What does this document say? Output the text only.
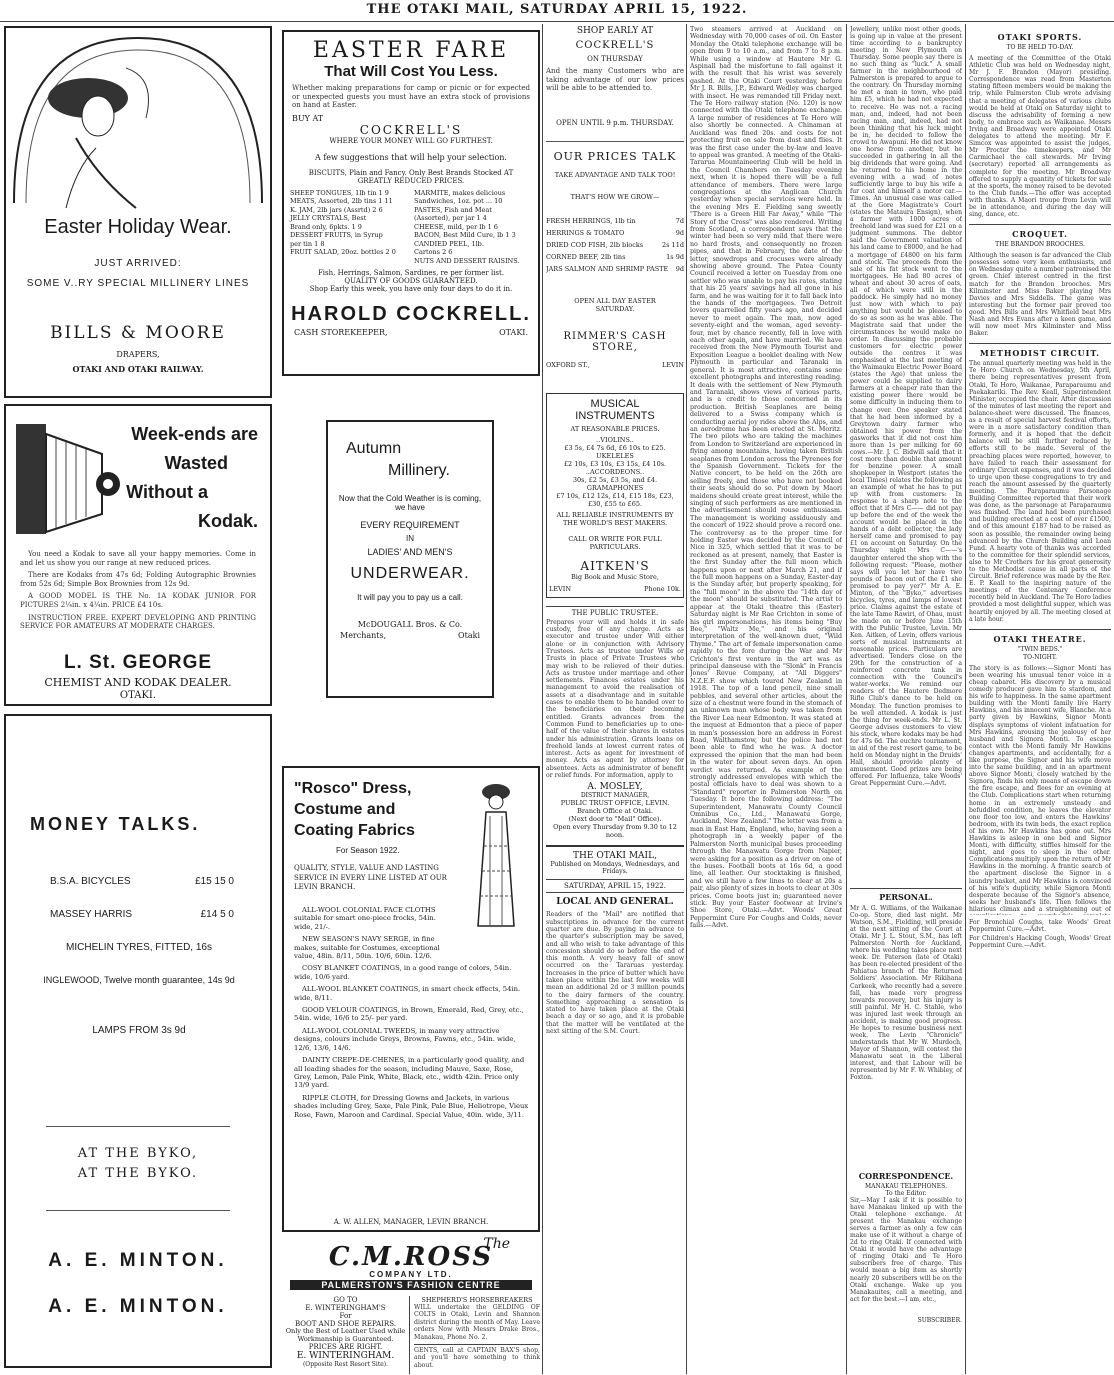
THE OTAKI MAIL, SATURDAY APRIL 15, 1922.
Easter Holiday Wear.
JUST ARRIVED:
SOME V..RY SPECIAL MILLINERY LINES
BILLS & MOORE
DRAPERS,
OTAKI AND OTAKI RAILWAY.
Week-ends are
Wasted
Without a
Kodak.

You need a Kodak to save all your happy memories. Come in and let us show you our range at new reduced prices.

There are Kodaks from 47s 6d; Folding Autographic Brownies from 52s 6d; Simple Box Brownies from 12s 9d.

A GOOD MODEL IS THE No. 1A KODAK JUNIOR FOR PICTURES 2¼in. x 4¼in. PRICE £4 10s.

INSTRUCTION FREE. EXPERT DEVELOPING AND PRINTING SERVICE FOR AMATEURS AT MODERATE CHARGES.

L. St. GEORGE
CHEMIST AND KODAK DEALER.
OTAKI.
MONEY TALKS.
B.S.A. BICYCLES	£15 15 0
MASSEY HARRIS	£14 5 0
MICHELIN TYRES, FITTED, 16s
INGLEWOOD, Twelve month guarantee, 14s 9d
LAMPS FROM 3s 9d
AT THE BYKO,
AT THE BYKO.
A. E. MINTON.
A. E. MINTON.
EASTER FARE
That Will Cost You Less.
Whether making preparations for camp or picnic or for expected or unexpected guests you must have an extra stock of provisions on hand at Easter.
BUY AT
COCKRELL'S
WHERE YOUR MONEY WILL GO FURTHEST.
A few suggestions that will help your selection.
BISCUITS, Plain and Fancy. Only Best Brands Stocked AT GREATLY REDUCED PRICES.
SHEEP TONGUES, 1lb tin 1 9
MEATS, Assorted, 2lb tins 1 11
K. JAM, 2lb jars (Assrtd) 2 6
JELLY CRYSTALS, Best
Brand only, 6pkts. 1 9
DESSERT FRUITS, in Syrup
per tin 1 8
FRUIT SALAD, 20oz. bottles 2 0
MARMITE, makes delicious
Sandwiches, 1oz. pot ... 10
PASTES, Fish and Meat
(Assorted), per jar 1 4
CHEESE, mild, per lb 1 6
BACON, Best Mild Cure, lb 1 3
CANDIED PEEL, 1lb.
Cartons 2 6
NUTS AND DESSERT RAISINS.
Fish, Herrings, Salmon, Sardines, re per former list.
QUALITY OF GOODS GUARANTEED.
Shop Early this week, you have only four days to do it in.
HAROLD COCKRELL.
CASH STOREKEEPER,	OTAKI.
Autumn
Millinery.
Now that the Cold Weather is is coming, we have
EVERY REQUIREMENT
IN
LADIES' AND MEN'S
UNDERWEAR.
It will pay you to pay us a call.
McDOUGALL Bros. & Co.
Merchants,	Otaki
"Rosco" Dress,
Costume and
Coating Fabrics
For Season 1922.
QUALITY, STYLE, VALUE AND LASTING SERVICE IN EVERY LINE LISTED AT OUR LEVIN BRANCH.
ALL-WOOL COLONIAL FACE CLOTHS suitable for smart one-piece frocks, 54in. wide, 21/-.
NEW SEASON'S NAVY SERGE, in fine makes, suitable for Costumes, exceptional value, 48in. 8/11, 50in. 10/6, 60in. 12/6.
COSY BLANKET COATINGS, in a good range of colors, 54in. wide, 10/6 yard.
ALL-WOOL BLANKET COATINGS, in smart check effects, 54in. wide, 8/11.
GOOD VELOUR COATINGS, in Brown, Emerald, Red, Grey, etc., 54in. wide, 16/6 to 25/- per yard.
ALL-WOOL COLONIAL TWEEDS, in many very attractive designs, colours include Greys, Browns, Fawns, etc., 54in. wide, 12/6, 13/6, 14/6.
DAINTY CREPE-DE-CHENES, in a particularly good quality, and all leading shades for the season, including Mauve, Saxe, Rose, Grey, Lemon, Pale Pink, White, Black, etc., width 42in. Price only 13/9 yard.
RIPPLE CLOTH, for Dressing Gowns and Jackets, in various shades including Grey, Saxe, Pale Pink, Pale Blue, Heliotrope, Vieux Rose, Fawn, Maroon and Cardinal. Special Value, 40in. wide, 3/11.
A. W. ALLEN, MANAGER, LEVIN BRANCH.
The
C.M.ROSS
COMPANY LTD.
PALMERSTON'S FASHION CENTRE
GO TO
E. WINTERINGHAM'S
For
BOOT AND SHOE REPAIRS.
Only the Best of Leather Used while Workmanship is Guaranteed.
PRICES ARE RIGHT.
E. WINTERINGHAM.
(Opposite Rest Resort Site).
SHEPHERD'S HORSEBREAKERS
WILL undertake the GELDING OF COLTS in Otaki, Levin and Shannon district during the month of May. Leave orders Now with Messrs Drake Bros., Manakau, Phone No. 2.
GENTS, call at CAPTAIN BAX'S shop, and you'll have something to think about.
SHOP EARLY AT
COCKRELL'S
ON THURSDAY
And the many Customers who are taking advantage of our low prices will be able to be attended to.
OPEN UNTIL 9 p.m. THURSDAY.
OUR PRICES TALK
TAKE ADVANTAGE AND TALK TOO!
THAT'S HOW WE GROW—
FRESH HERRINGS, 1lb tin	7d
HERRINGS & TOMATO	9d
DRIED COD FISH, 2lb blocks	2s 11d
CORNED BEEF, 2lb tins	1s 9d
JARS SALMON AND SHRIMP PASTE 9d
OPEN ALL DAY EASTER SATURDAY.
RIMMER'S CASH STORE,
OXFORD ST.,	LEVIN
MUSICAL
INSTRUMENTS
AT REASONABLE PRICES.
..VIOLINS..
£3 5s, £4 7s 6d, £6 10s to £25.
UKELELES
£2 10s, £3 10s, £3 15s, £4 10s.
..ACCORDEONS..
30s, £2 5s, £3 5s, and £4.
GRAMAPHONES
£7 10s, £12 12s, £14, £15 18s, £23, £30, £55 to £65.
ALL RELIABLE INSTRUMENTS BY THE WORLD'S BEST MAKERS.
CALL OR WRITE FOR FULL PARTICULARS.
AITKEN'S
Big Book and Music Store,
LEVIN	Phone 10k.
THE PUBLIC TRUSTEE.
Prepares your will and holds it in safe custody, free of any charge. Acts as executor and trustee under Will either alone or in conjunction with Advisory Trustees. Acts as trustee under Wills or Trusts in place of Private Trustees who may wish to be relieved of their duties. Acts as trustee under marriage and other settlements. Finances estates under his management to avoid the realisation of assets at a disadvantage and in suitable cases to enable them to be handed over to the beneficiaries on their becoming entitled. Grants advances from the Common Fund to beneficiaries up to one-half of the value of their shares in estates under his administration. Grants loans on freehold lands at lowest current rates of interest. Acts as agent for investment of money. Acts as agent by attorney for absentees. Acts as administrator of benefit or relief funds. For information, apply to
A. MOSLEY,
DISTRICT MANAGER,
PUBLIC TRUST OFFICE, LEVIN.
Branch Office at Otaki.
(Next door to "Mail" Office).
Open every Thursday from 9.30 to 12 noon.
THE OTAKI MAIL,
Published on Mondays, Wednesdays, and Fridays.
SATURDAY, APRIL 15, 1922.
LOCAL AND GENERAL.
Readers of the "Mail" are notified that subscriptions in advance for the current quarter are due. By paying in advance to the quarter's subscription may be saved, and all who wish to take advantage of this concession should do so before the end of this month. A very heavy fall of snow occurred on the Tararuas yesterday. Increases in the price of butter which have taken place within the last few weeks will mean an additional 2d or 3 million pounds to the dairy farmers of the country. Something approaching a sensation is stated to have taken place at the Otaki beach a day or so ago, and it is probable that the matter will be ventilated at the next sitting of the S.M. Court.
Two steamers arrived at Auckland on Wednesday with 70,000 cases of oil. On Easter Monday the Otaki telephone exchange will be open from 9 to 10 a.m., and from 7 to 8 p.m. While using a window at Hautere Mr G. Aspinall had the misfortune to fall against it with the result that his wrist was severely gashed. At the Otaki Court yesterday, before Mr J. R. Bills, J.P., Edward Wedley was charged with insect. He was remanded till Friday next. The Te Horo railway station (No. 120) is now connected with the Otaki telephone exchange. A large number of residences at Te Horo will also shortly be connected. A Chinaman at Auckland was fined 20s. and costs for not protecting fruit on sale from dust and flies. It was the first case under the by-law and leave to appeal was granted. A meeting of the Otaki-Tararua Mountaineering Club will be held in the Council Chambers on Tuesday evening next, when it is hoped there will be a full attendance of members. There were large congregations at the Anglican Church yesterday when special services were held. In the evening Mrs E. Fielding sang sweetly "There is a Green Hill Far Away," while "The Story of the Cross" was also rendered. Writing from Scotland, a correspondent says that the winter had been so very mild that there were no hard frosts, and consequently no frozen pipes, and that in February, the date of the letter, snowdrops and crocuses were already showing above ground. The Patea County Council received a letter on Tuesday from one settler who was unable to pay his rates, stating that his 25 years' savings had all gone in his farm, and he was waiting for it to fall back into the hands of the mortgagees. Two Detroit lovers quarrelled fifty years ago, and decided never to meet again. The man, now aged seventy-eight and the woman, aged seventy-four, met by chance recently, fell in love with each other again, and have married. We have received from the New Plymouth Tourist and Exposition League a booklet dealing with New Plymouth in particular and Taranaki in general. It is most attractive, contains some excellent photographs and interesting reading. It deals with the settlement of New Plymouth and Taranaki, shows views of various parts, and is a credit to those concerned in its production. British Seaplanes are being delivered to a Swiss company which is conducting aerial joy rides above the Alps, and an aerodrome has been erected at St. Moritz. The two pilots who are taking the machines from London to Switzerland are experienced in flying among mountains, having taken British seaplanes from London across the Pyrenees for the Spanish Government. Tickets for the Native concert, to be held on the 26th are selling freely, and those who have not booked their seats should do so. Put down by Maori maidens should create great interest, while the singing of such performers as are mentioned in the advertisement should rouse enthusiasm. The management is working assiduously and the concert of 1922 should prove a record one. The controversy as to the proper time for holding Easter was decided by the Council of Nice in 325, which settled that it was to be reckoned as at present, namely, that Easter is the first Sunday after the full moon which happens upon or next after March 21, and if the full moon happens on a Sunday, Easter-day is the Sunday after, but properly speaking, for the "full moon" in the above the "14th day of the moon" should be substituted. The artist to appear at the Otaki theatre this (Easter) Saturday night is Mr Rae Crichton in some of his girl impersonations, his items being "Buy Bee," "Waltz Me," and his original interpretation of the well-known duet, "Wild Thyme." The art of female impersonation came rapidly to the fore during the War and Mr Crichton's first venture in the art was as principal danseuse with the "Slonk" in Francis Jones' Revue Company, at "All Diggers" N.Z.E.F. show which toured New Zealand in 1918. The top of a land pencil, nine small pebbles, and several other articles, about the size of a chestnut were found in the stomach of an unknown man whose body was taken from the River Lea near Edmonton. It was stated at the inquest at Edmonton that a piece of paper in man's possession bore an address in Forest Road, Walthamstow, but the police had not been able to find who he was. A doctor expressed the opinion that the man had been in the water for about seven days. An open verdict was returned. As example of the strongly addressed envelopes with which the postal officials have to deal was shown to a "Standard" reporter in Palmerston North on Tuesday. It bore the following address: "The Superintendent, Manawatu County Council Omnibus Co., Ltd., Manawatu Gorge, Auckland, New Zealand." The letter was from a man in East Ham, England, who, having seen a photograph in a weekly paper of the Palmerston North municipal buses proceeding through the Manawatu Gorge from Napier, were asking for a position as a driver on one of the buses. Football boots at 16s 6d, a good line, all leather. Our stocktaking is finished, and we still have a few lines to clear at 20s a pair, also plenty of sizes in boots to clear at 30s prices. Come boots just in; guaranteed never stick. Buy your Easter footwear at Irvine's Shoe Store, Otaki.—Advt. Woods' Great Peppermint Cure For Coughs and Colds, never fails.—Advt.
Jewellery, unlike most other goods, is going up in value at the present time according to a bankruptcy meeting in New Plymouth on Thursday. Some people say there is no such thing as "luck." A small farmer in the neighbourhood of Palmerston is prepared to argue to the contrary. On Thursday morning he met a man in town, who paid him £5, which he had not expected to receive. He was not a racing man, and, indeed, had not been racing man, and, indeed, had not been thinking that his luck might be in, he decided to follow the crowd to Awapuni. He did not know one horse from another, but he succeeded in gathering in all the big dividends that were going. And he returned to his home in the evening with a wad of notes sufficiently large to buy his wife a fur coat and himself a motor car.—Times. An unusual case was called at the Gore Magistrate's Court (states the Mataura Ensign), when a farmer with 1000 acres of freehold land was sued for £21 on a judgment summons. The debtor said the Government valuation of his land came to £8000, and he had a mortgage of £4800 on his farm and stock. The proceeds from the sale of his fat stock went to the mortgagees. He had 80 acres of wheat and about 30 acres of oats, all of which were still in the paddock. He simply had no money just now with which to pay anything but would be pleased to do so as soon as he was able. The Magistrate said that under the circumstances he would make no order. In discussing the probable customers for electric power outside the centres it was emphasised at the last meeting of the Waimauku Electric Power Board (states the Age) that unless the power could be supplied to dairy farmers at a cheaper rate than the existing power there would be some difficulty in inducing them to change over. One speaker stated that he had been informed by a Greytown dairy farmer who obtained his power from the gasworks that it did not cost him more than 1s per milking for 60 cows.—Mr. J. C. Bidwill said that it cost more than double that amount for benzine power. A small shopkeeper in Westport (states the local Times) relates the following as an example of what he has to put up with from customers: In response to a sharp note to the effect that if Mrs C—— did not pay up before the end of the week the account would be placed in the hands of a debt collector, the lady herself came and promised to pay £1 on account on Saturday. On the Thursday night Mrs C——'s daughter entered the shop with the following request: "Please, mother says will you let her have two pounds of bacon out of the £1 she promised to pay yer?" Mr A. E. Minton, of the "Byko," advertises bicycles, tyres, and lamps of lowest price. Claims against the estate of the late Tame Rawiri, of Ohau, must be made on or before June 15th with the Public Trustee, Levin. Mr Ken. Aitken, of Levin, offers various sorts of musical instruments at reasonable prices. Particulars are advertised. Tenders close on the 29th for the construction of a reinforced concrete tank in connection with the Council's water-works. We remind our readers of the Hautere Dedmore Rifle Club's dance to be held on Monday. The function promises to be well attended. A kodak is just the thing for week-ends. Mr L. St. George advises customers to view his stock, where kodaks may be had for 47s 6d. The euchre tournament, in aid of the rest resort game, to be held on Monday night in the Druids' Hall, should provide plenty of amusement. Good prizes are being offered. For Influenza, take Woods' Great Peppermint Cure.—Advt.
PERSONAL.
Mr A. G. Williams, of the Waikanae Co-op. Store, died last night. Mr Watson, S.M., Fielding, will preside at the next sitting of the Court at Otaki. Mr J. L. Stout, S.M., has left Palmerston North for Auckland, where his wedding takes place next week. Dr. Paterson (late of Otaki) has been re-elected president of the Pahiatua branch of the Returned Soldiers' Association. Mr Rikihana Carkeek, who recently had a severe fall, has made very progress towards recovery, but his injury is still painful. Mr H. C. Stahle, who was injured last week through an accident, is making good progress. He hopes to resume business next week. The Levin "Chronicle" understands that Mr W. Murdoch, Mayor of Shannon, will contest the Manawatu seat in the Liberal interest, and that Labour will be represented by Mr F. W. Whibley, of Foxton.
CORRESPONDENCE.
MANAKAU TELEPHONES.
To the Editor.
Sir,—May I ask if it is possible to have Manakau linked up with the Otaki telephone exchange. At present the Manakau exchange serves a farmer as only a few can make use of it without a charge of 2d to ring Otaki. If connected with Otaki it would have the advantage of ringing Otaki and Te Horo subscribers free of charge. This would mean a big item as shortly nearly 20 subscribers will be on the Otaki exchange. Wake up you Manakauites, call a meeting, and act for the best.—I am, etc.,
SUBSCRIBER.
OTAKI SPORTS.
TO BE HELD TO-DAY.
A meeting of the Committee of the Otaki Athletic Club was held on Wednesday night, Mr J. F. Brandon (Mayor) presiding. Correspondence was read from Masterton stating fifteen members would be making the trip, while Palmerston Club wrote advising that a meeting of delegates of various clubs would be held at Otaki on Saturday night to discuss the advisability of forming a new body, to embrace such as Waikanae. Messrs Irving and Broadway were appointed Otaki delegates to attend the meeting. Mr F. Simcox was appointed to assist the judges, Mr Procter the timekeepers, and Mr Carmichael the call stewards. Mr Irving (secretary) reported all arrangements as complete for the meeting. Mr Broadway offered to supply a quantity of tickets for sale at the sports, the money raised to be devoted to the Club funds.—The offer was accepted with thanks. A Maori troupe from Levin will be in attendance, and during the day will sing, dance, etc.
CROQUET.
THE BRANDON BROOCHES.
Although the season is far advanced the Club possesses some very keen enthusiasts, and on Wednesday quite a number patronised the green. Chief interest centred in the first match for the Brandon brooches. Mrs Kilminster and Miss Baker playing Mrs Davies and Mrs Siddells. The game was interesting but the former pair proved too good. Mrs Bills and Mrs Whitfield beat Mrs Nash and Mrs Evans after a keen game, and will now meet Mrs Kilminster and Miss Baker.
METHODIST CIRCUIT.
The annual quarterly meeting was held in the Te Horo Church on Wednesday, 5th April, there being representatives present from Otaki, Te Horo, Waikanae, Paraparaumu and Paekakariki. The Rev. Keall, Superintendent Minister, occupied the chair. After discussion of the minutes of last meeting the report and balance-sheet were discussed. The finances, as a result of special harvest festival efforts, were in a more satisfactory condition than formerly, and it is hoped that the deficit balance will be still further reduced by efforts still to be made. Several of the preaching places were reported, however, to have failed to reach their assessment for ordinary Circuit expenses, and it was decided to urge upon these congregations to try and reach the amount assessed by the quarterly meeting. The Paraparaumu Parsonage Building Committee reported that their work was done, as the parsonage at Paraparaumu was finished. The land had been purchased and building erected at a cost of over £1500, and of this amount £187 had to be raised as soon as possible, the remainder owing being advanced by the Church Building and Loan Fund. A hearty vote of thanks was accorded to the committee for their splendid services, also to Mr Crothers for his great generosity to the Methodist cause in all parts of the Circuit. Brief reference was made by the Rev. E. P. Keall to the inspiring nature of the meetings of the Centenary Conference recently held in Auckland. The Te Horo ladies provided a most delightful supper, which was heartily enjoyed by all. The meeting closed at a late hour.
OTAKI THEATRE.
"TWIN BEDS."
TO-NIGHT.
The story is as follows:—Signor Monti has been wearing his unusual tenor voice in a cheap cabaret. His discovery by a musical comedy producer gave him to stardom, and his wife to happiness. In the same apartment building with the Monti family live Harry Hawkins, and his innocent wife, Blanche. At a party given by Hawkins, Signor Monti displays symptoms of violent infatuation for Mrs Hawkins, arousing the jealousy of her husband and Signora Monti. To escape contact with the Monti family Mr Hawkins changes apartments, and accidentally, for a like purpose, the Signor and his wife move into the same building, and in an apartment above Signor Monti, closely watched by the Signora, finds his only means of escape down the fire escape, and flees for an evening at the Club. Complications start when returning home in an extremely unsteady and befuddled condition, he leaves the elevator one floor too low, and enters the Hawkins' bedroom, with its twin beds, the exact replica of his own. Mr Hawkins has gone out. Mrs Hawkins is asleep in one bed and Signor Monti, with difficulty, stiffles himself for the night, and goes to sleep in the other. Complications multiply upon the return of Mr Hawkins in the morning. A frantic search of the apartment disclose the Signor in a laundry basket, and Mr Hawkins is convinced of his wife's duplicity, while Signora Monti desperate because of the Signor's absence, seeks her husband's life. Then follows the hilarious climax and a straightening out of
For Bronchial Coughs, take Woods' Great Peppermint Cure.—Advt.
For Children's Hacking Cough, Woods' Great Peppermint Cure.—Advt.
